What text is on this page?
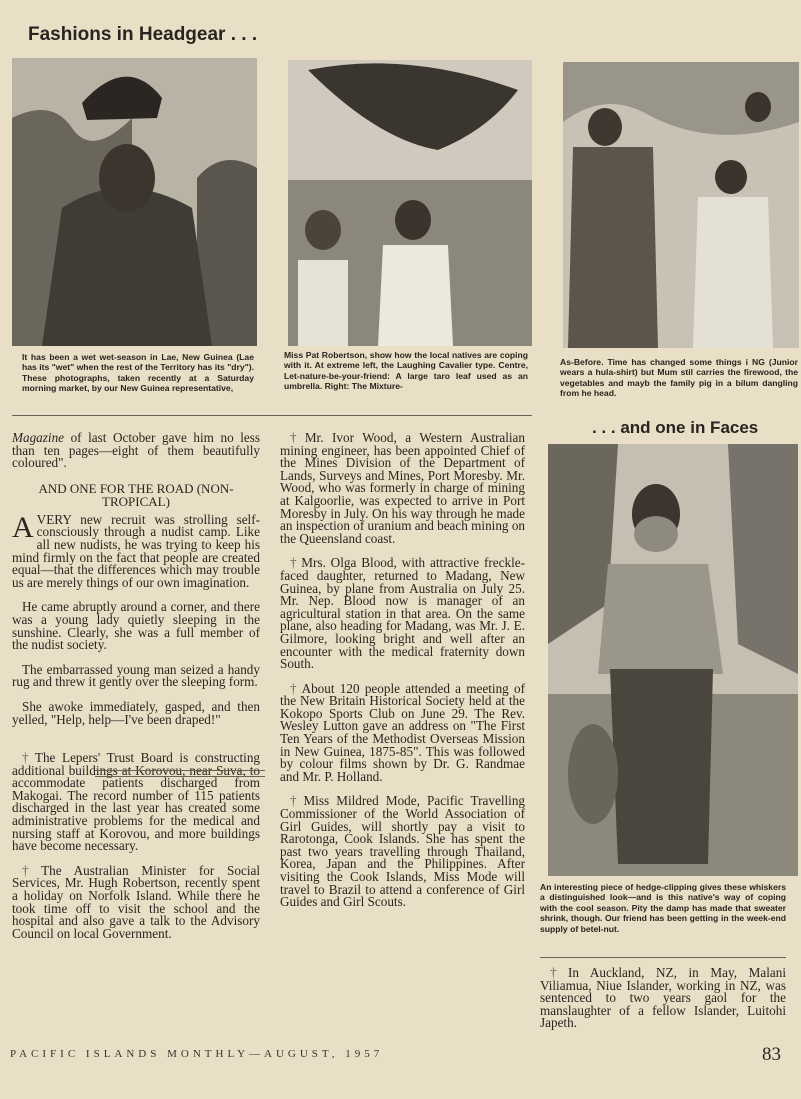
Fashions in Headgear . . .
It has been a wet wet-season in Lae, New Guinea (Lae has its "wet" when the rest of the Territory has its "dry"). These photographs, taken recently at a Saturday morning market, by our New Guinea representative,
Miss Pat Robertson, show how the local natives are coping with it. At extreme left, the Laughing Cavalier type. Centre, Let-nature-be-your-friend: A large taro leaf used as an umbrella. Right: The Mixture-
As-Before. Time has changed some things i NG (Junior wears a hula-shirt) but Mum stil carries the firewood, the vegetables and mayb the family pig in a bilum dangling from he head.

Magazine of last October gave him no less than ten pages—eight of them beautifully coloured".

AND ONE FOR THE ROAD (NON-TROPICAL)

AVERY new recruit was strolling self-consciously through a nudist camp. Like all new nudists, he was trying to keep his mind firmly on the fact that people are created equal—that the differences which may trouble us are merely things of our own imagination.

He came abruptly around a corner, and there was a young lady quietly sleeping in the sunshine. Clearly, she was a full member of the nudist society.

The embarrassed young man seized a handy rug and threw it gently over the sleeping form.

She awoke immediately, gasped, and then yelled, "Help, help—I've been draped!"

† The Lepers' Trust Board is constructing additional buildings at Korovou, near Suva, to accommodate patients discharged from Makogai. The record number of 115 patients discharged in the last year has created some administrative problems for the medical and nursing staff at Korovou, and more buildings have become necessary.

† The Australian Minister for Social Services, Mr. Hugh Robertson, recently spent a holiday on Norfolk Island. While there he took time off to visit the school and the hospital and also gave a talk to the Advisory Council on local Government.

† Mr. Ivor Wood, a Western Australian mining engineer, has been appointed Chief of the Mines Division of the Department of Lands, Surveys and Mines, Port Moresby. Mr. Wood, who was formerly in charge of mining at Kalgoorlie, was expected to arrive in Port Moresby in July. On his way through he made an inspection of uranium and beach mining on the Queensland coast.

† Mrs. Olga Blood, with attractive freckle-faced daughter, returned to Madang, New Guinea, by plane from Australia on July 25. Mr. Nep. Blood now is manager of an agricultural station in that area. On the same plane, also heading for Madang, was Mr. J. E. Gilmore, looking bright and well after an encounter with the medical fraternity down South.

† About 120 people attended a meeting of the New Britain Historical Society held at the Kokopo Sports Club on June 29. The Rev. Wesley Lutton gave an address on "The First Ten Years of the Methodist Overseas Mission in New Guinea, 1875-85". This was followed by colour films shown by Dr. G. Randmae and Mr. P. Holland.

† Miss Mildred Mode, Pacific Travelling Commissioner of the World Association of Girl Guides, will shortly pay a visit to Rarotonga, Cook Islands. She has spent the past two years travelling through Thailand, Korea, Japan and the Philippines. After visiting the Cook Islands, Miss Mode will travel to Brazil to attend a conference of Girl Guides and Girl Scouts.

. . . and one in Faces
An interesting piece of hedge-clipping gives these whiskers a distinguished look—and is this native's way of coping with the cool season. Pity the damp has made that sweater shrink, though. Our friend has been getting in the week-end supply of betel-nut.

† In Auckland, NZ, in May, Malani Viliamua, Niue Islander, working in NZ, was sentenced to two years gaol for the manslaughter of a fellow Islander, Luitohi Japeth.

PACIFIC ISLANDS MONTHLY—AUGUST, 1957	83
